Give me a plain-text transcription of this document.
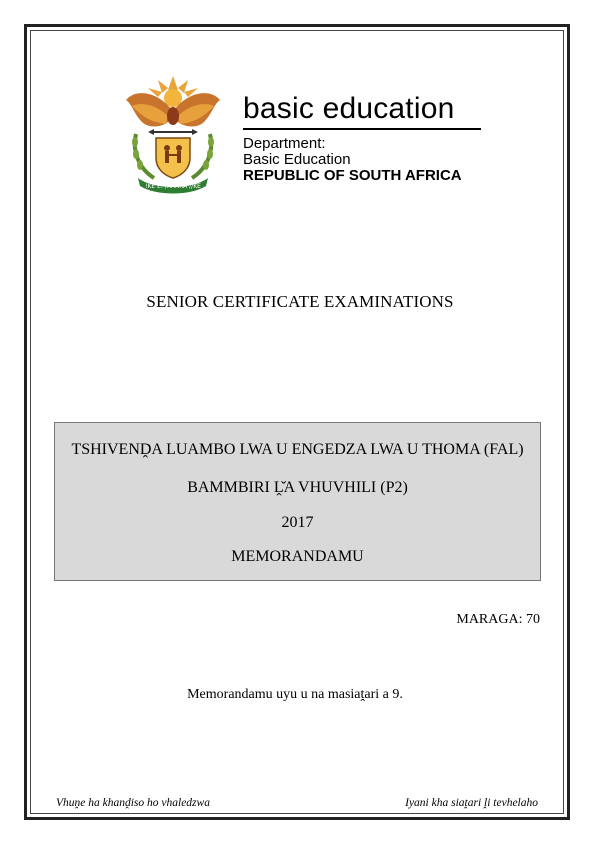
!KE E: /XARRA //KE
basic education
Department:
Basic Education
REPUBLIC OF SOUTH AFRICA
SENIOR CERTIFICATE EXAMINATIONS
TSHIVENḒA LUAMBO LWA U ENGEDZA LWA U THOMA (FAL)
BAMMBIRI Ḽ̌A VHUVHILI (P2)
2017
MEMORANDAMU
MARAGA: 70
Memorandamu uyu u na masiaṱari a 9.
Vhuṋe ha khanḓiso ho vhaledzwa	Iyani kha siaṱari ḽi tevhelaho
